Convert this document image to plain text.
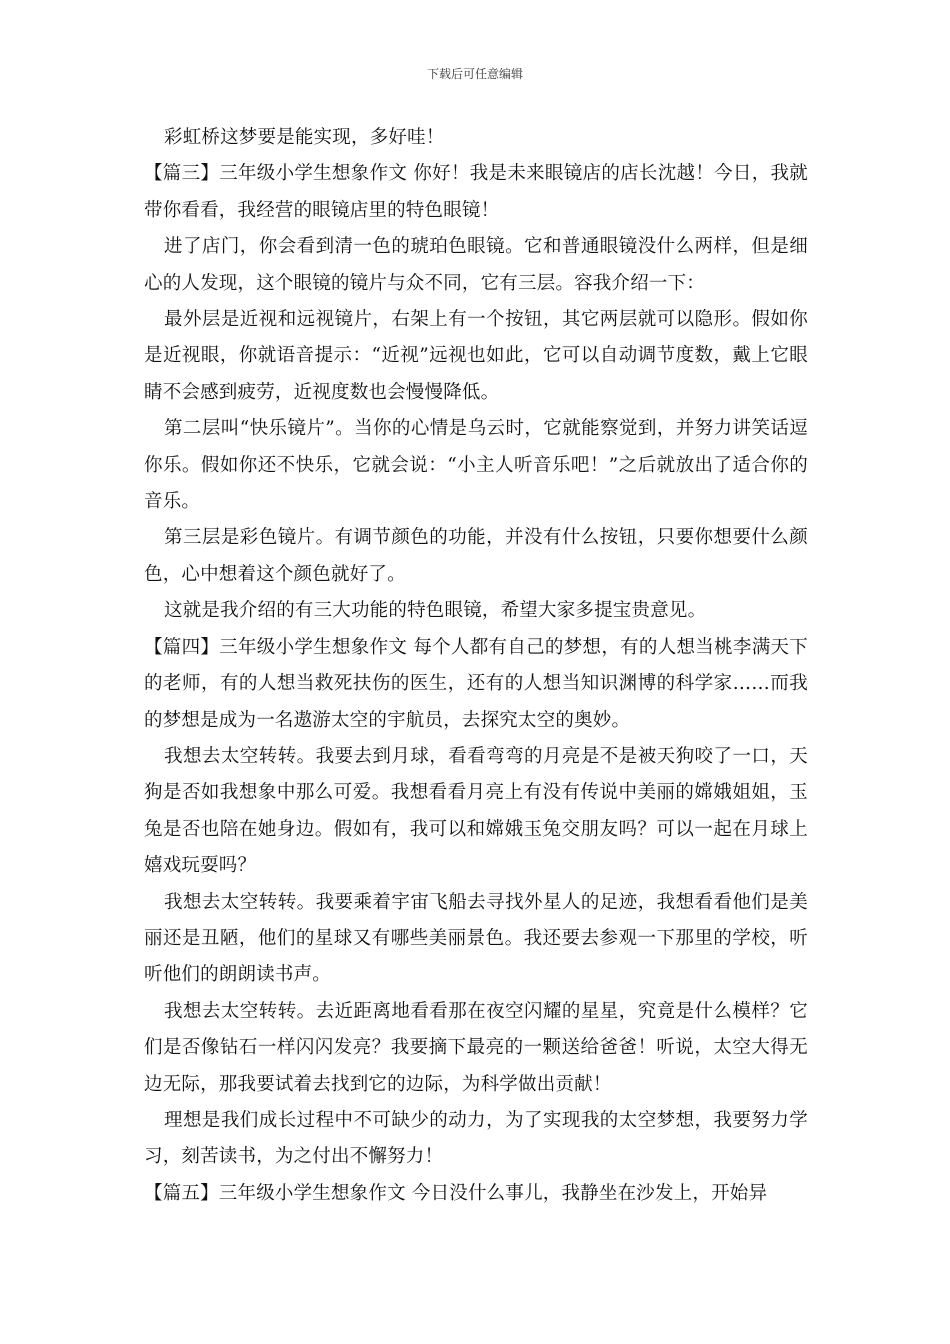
下载后可任意编辑

彩虹桥这梦要是能实现，多好哇！

【篇三】三年级小学生想象作文 你好！我是未来眼镜店的店长沈越！今日，我就带你看看，我经营的眼镜店里的特色眼镜！

进了店门，你会看到清一色的琥珀色眼镜。它和普通眼镜没什么两样，但是细心的人发现，这个眼镜的镜片与众不同，它有三层。容我介绍一下：

最外层是近视和远视镜片，右架上有一个按钮，其它两层就可以隐形。假如你是近视眼，你就语音提示：“近视”远视也如此，它可以自动调节度数，戴上它眼睛不会感到疲劳，近视度数也会慢慢降低。

第二层叫“快乐镜片”。当你的心情是乌云时，它就能察觉到，并努力讲笑话逗你乐。假如你还不快乐，它就会说：“小主人听音乐吧！”之后就放出了适合你的音乐。

第三层是彩色镜片。有调节颜色的功能，并没有什么按钮，只要你想要什么颜色，心中想着这个颜色就好了。

这就是我介绍的有三大功能的特色眼镜，希望大家多提宝贵意见。

【篇四】三年级小学生想象作文 每个人都有自己的梦想，有的人想当桃李满天下的老师，有的人想当救死扶伤的医生，还有的人想当知识渊博的科学家……而我的梦想是成为一名遨游太空的宇航员，去探究太空的奥妙。

我想去太空转转。我要去到月球，看看弯弯的月亮是不是被天狗咬了一口，天狗是否如我想象中那么可爱。我想看看月亮上有没有传说中美丽的嫦娥姐姐，玉兔是否也陪在她身边。假如有，我可以和嫦娥玉兔交朋友吗？可以一起在月球上嬉戏玩耍吗？

我想去太空转转。我要乘着宇宙飞船去寻找外星人的足迹，我想看看他们是美丽还是丑陋，他们的星球又有哪些美丽景色。我还要去参观一下那里的学校，听听他们的朗朗读书声。

我想去太空转转。去近距离地看看那在夜空闪耀的星星，究竟是什么模样？它们是否像钻石一样闪闪发亮？我要摘下最亮的一颗送给爸爸！听说，太空大得无边无际，那我要试着去找到它的边际，为科学做出贡献！

理想是我们成长过程中不可缺少的动力，为了实现我的太空梦想，我要努力学习，刻苦读书，为之付出不懈努力！

【篇五】三年级小学生想象作文 今日没什么事儿，我静坐在沙发上，开始异
